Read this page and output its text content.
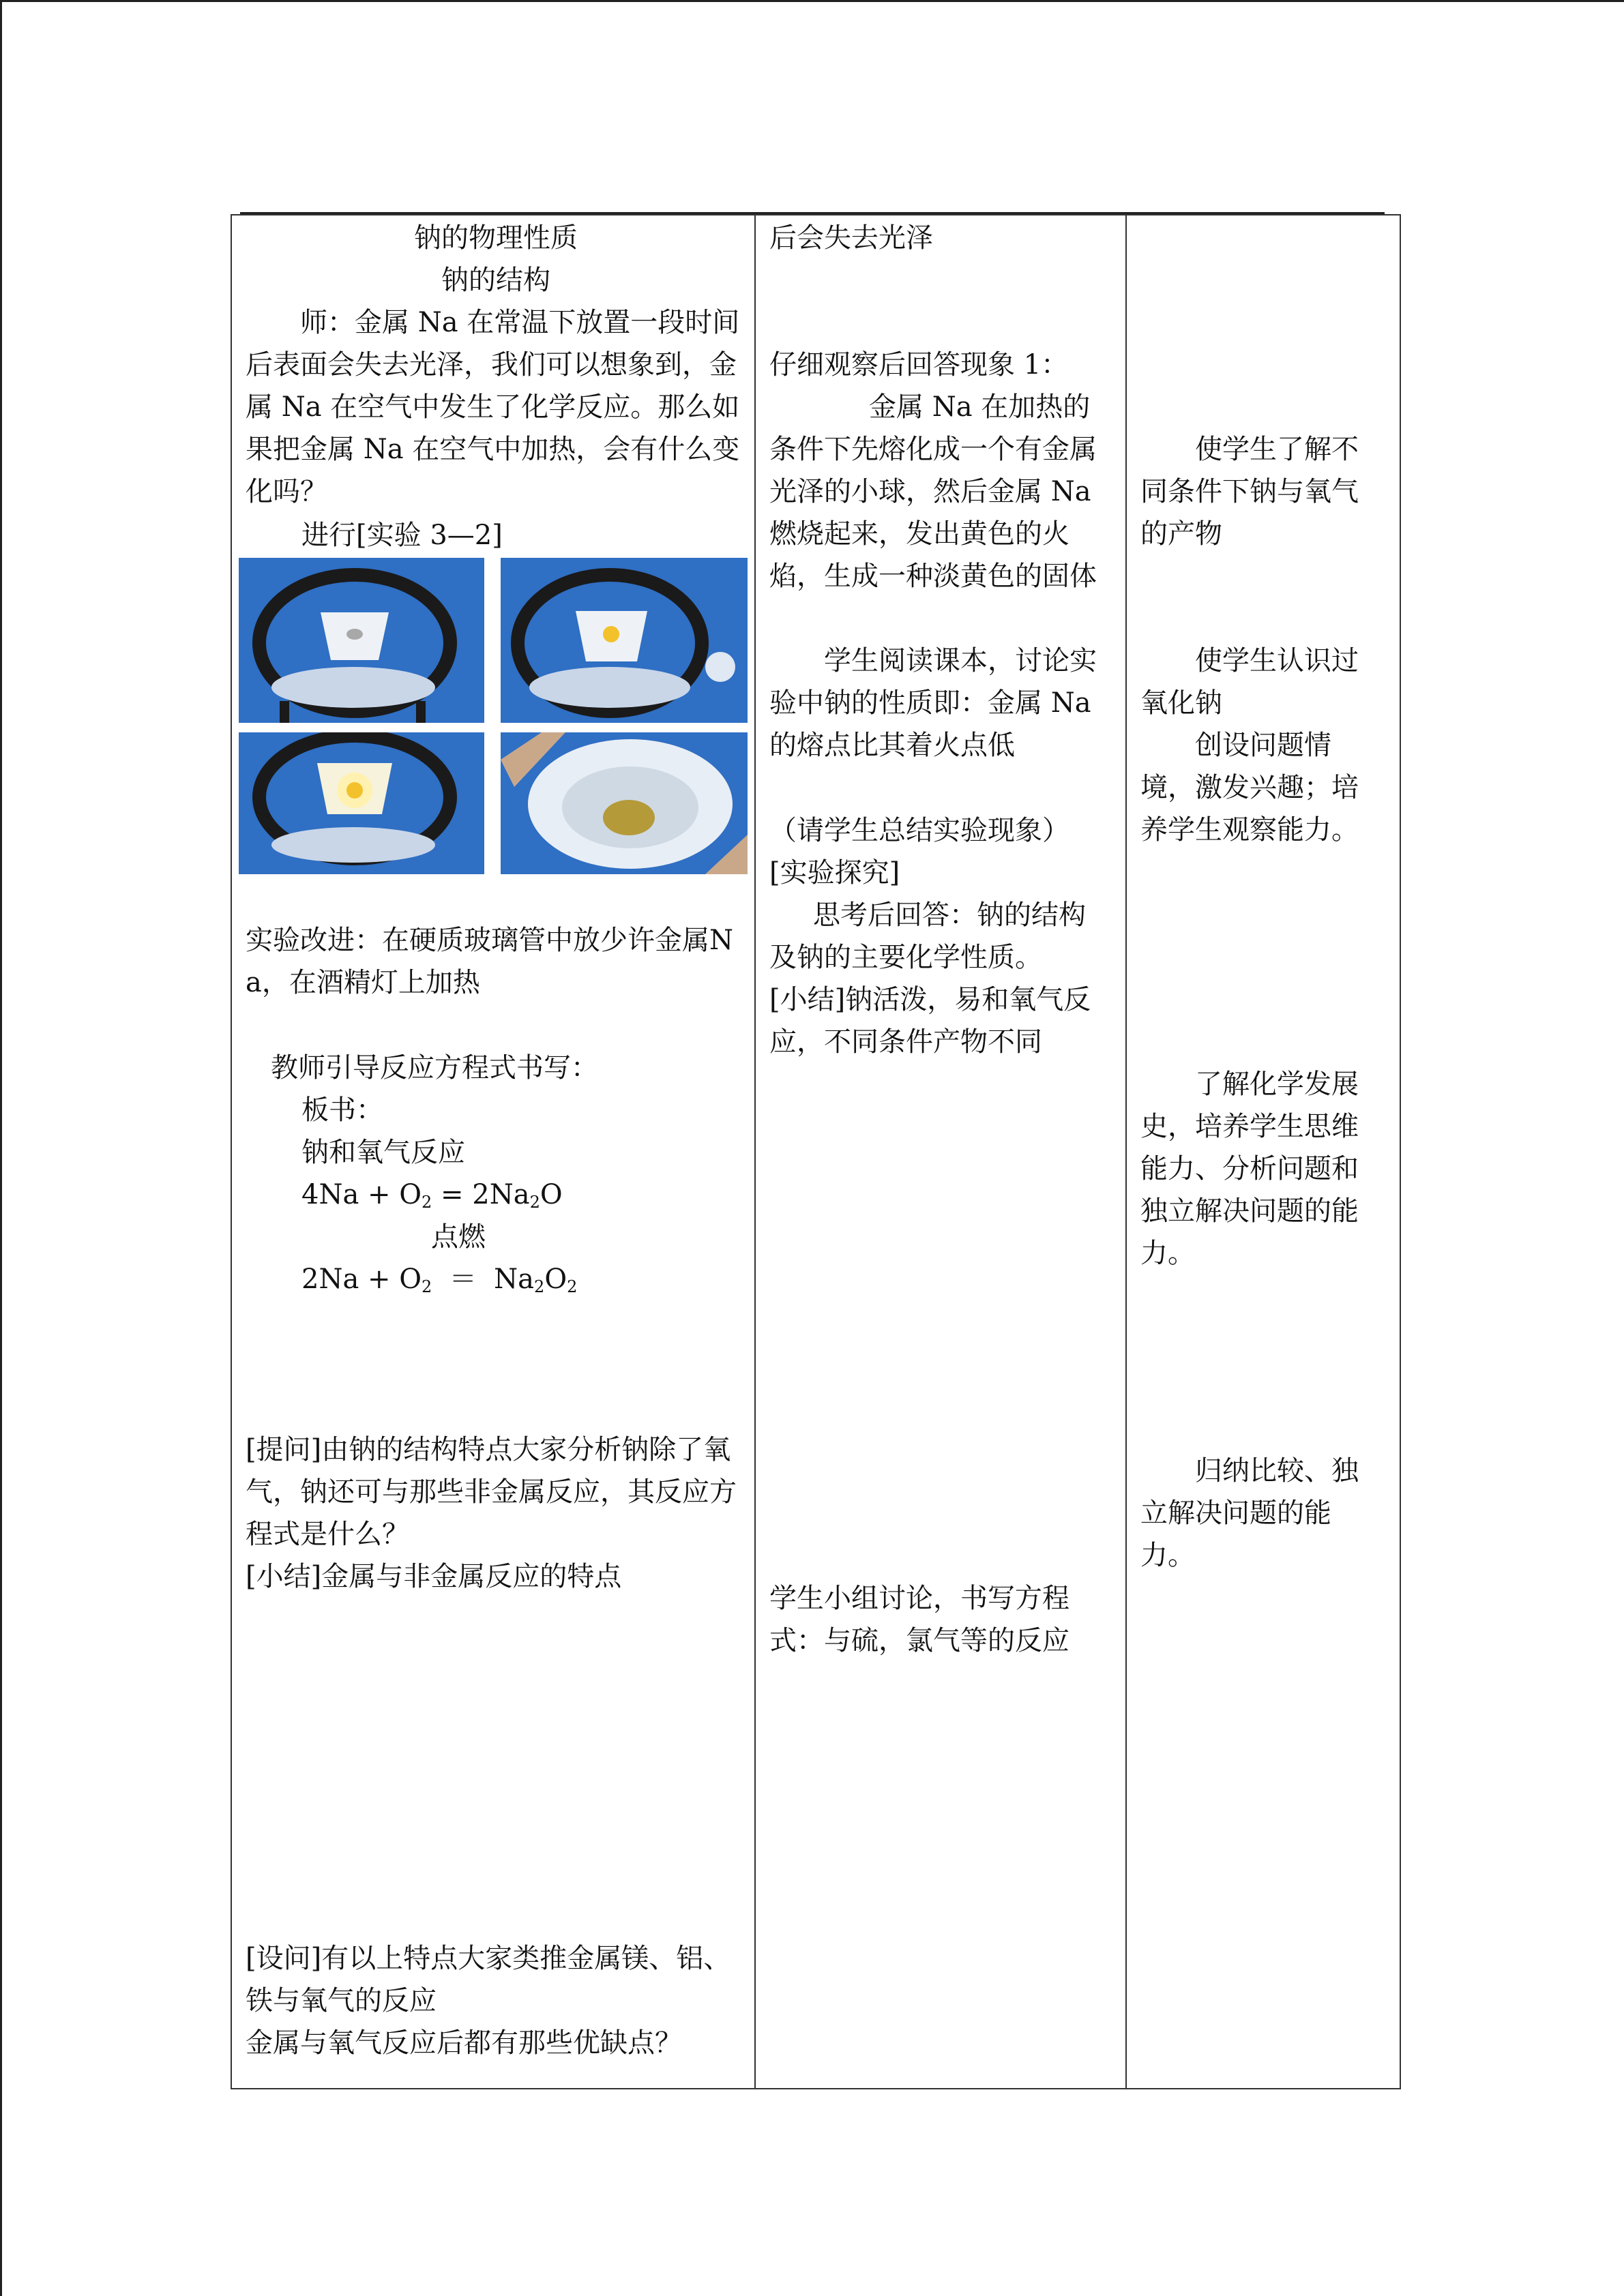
钠的物理性质
钠的结构
师：金属 Na 在常温下放置一段时间后表面会失去光泽，我们可以想象到，金属 Na 在空气中发生了化学反应。那么如果把金属 Na 在空气中加热，会有什么变化吗？
进行[实验 3—2]
实验改进：在硬质玻璃管中放少许金属Na，在酒精灯上加热
教师引导反应方程式书写：
板书：
钠和氧气反应
$4Na + O_2 = 2Na_2O$
点燃
$2Na + O_2 = Na_2O_2$
[提问]由钠的结构特点大家分析钠除了氧气，钠还可与那些非金属反应，其反应方程式是什么？
[小结]金属与非金属反应的特点
[设问]有以上特点大家类推金属镁、铝、铁与氧气的反应
金属与氧气反应后都有那些优缺点？
后会失去光泽
仔细观察后回答现象 1：
金属 Na 在加热的条件下先熔化成一个有金属光泽的小球，然后金属 Na 燃烧起来，发出黄色的火焰，生成一种淡黄色的固体
学生阅读课本，讨论实验中钠的性质即：金属 Na 的熔点比其着火点低
（请学生总结实验现象）
[实验探究]
思考后回答：钠的结构及钠的主要化学性质。
[小结]钠活泼，易和氧气反应，不同条件产物不同
学生小组讨论，书写方程式：与硫，氯气等的反应
使学生了解不同条件下钠与氧气的产物
使学生认识过氧化钠
创设问题情境，激发兴趣；培养学生观察能力。
了解化学发展史，培养学生思维能力、分析问题和独立解决问题的能力。
归纳比较、独立解决问题的能力。
